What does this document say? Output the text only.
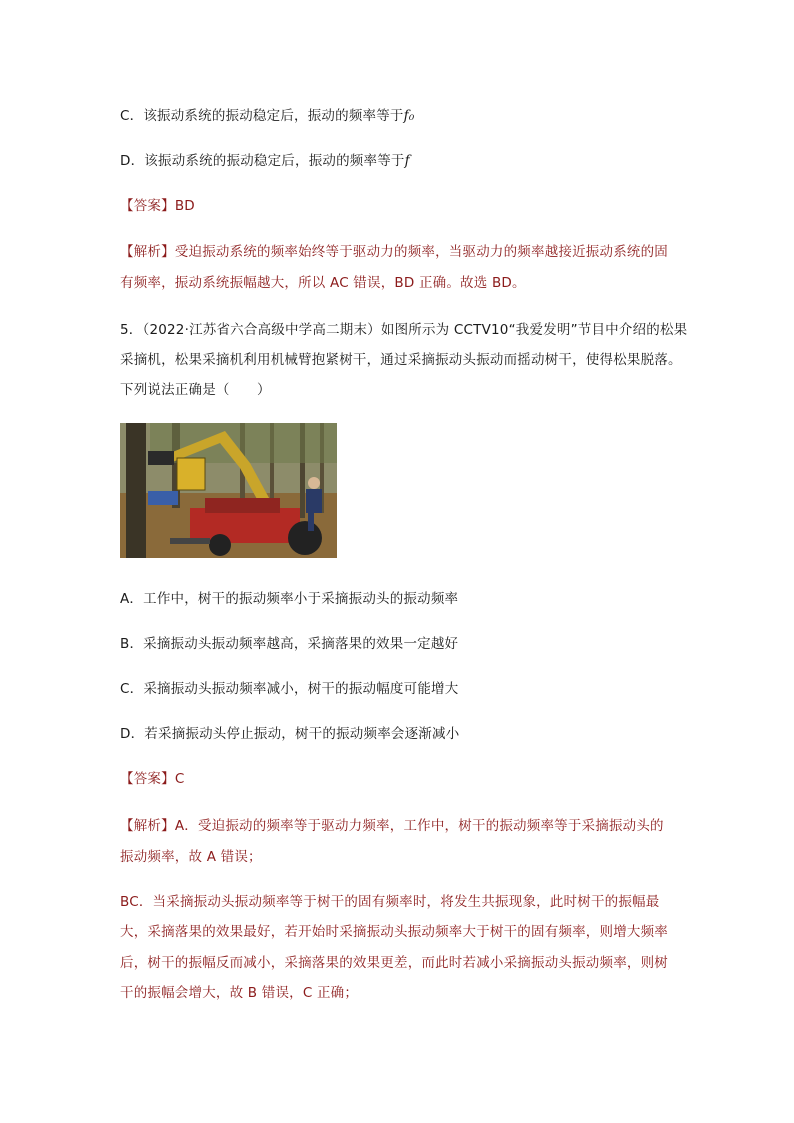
C．该振动系统的振动稳定后，振动的频率等于f₀
D．该振动系统的振动稳定后，振动的频率等于f
【答案】BD
【解析】受迫振动系统的频率始终等于驱动力的频率，当驱动力的频率越接近振动系统的固
有频率，振动系统振幅越大，所以 AC 错误，BD 正确。故选 BD。
5．（2022·江苏省六合高级中学高二期末）如图所示为 CCTV10“我爱发明”节目中介绍的松果
采摘机，松果采摘机利用机械臂抱紧树干，通过采摘振动头振动而摇动树干，使得松果脱落。
下列说法正确是（　　）
A．工作中，树干的振动频率小于采摘振动头的振动频率
B．采摘振动头振动频率越高，采摘落果的效果一定越好
C．采摘振动头振动频率减小，树干的振动幅度可能增大
D．若采摘振动头停止振动，树干的振动频率会逐渐减小
【答案】C
【解析】A．受迫振动的频率等于驱动力频率，工作中，树干的振动频率等于采摘振动头的
振动频率，故 A 错误；
BC．当采摘振动头振动频率等于树干的固有频率时，将发生共振现象，此时树干的振幅最
大，采摘落果的效果最好，若开始时采摘振动头振动频率大于树干的固有频率，则增大频率
后，树干的振幅反而减小，采摘落果的效果更差，而此时若减小采摘振动头振动频率，则树
干的振幅会增大，故 B 错误，C 正确；
